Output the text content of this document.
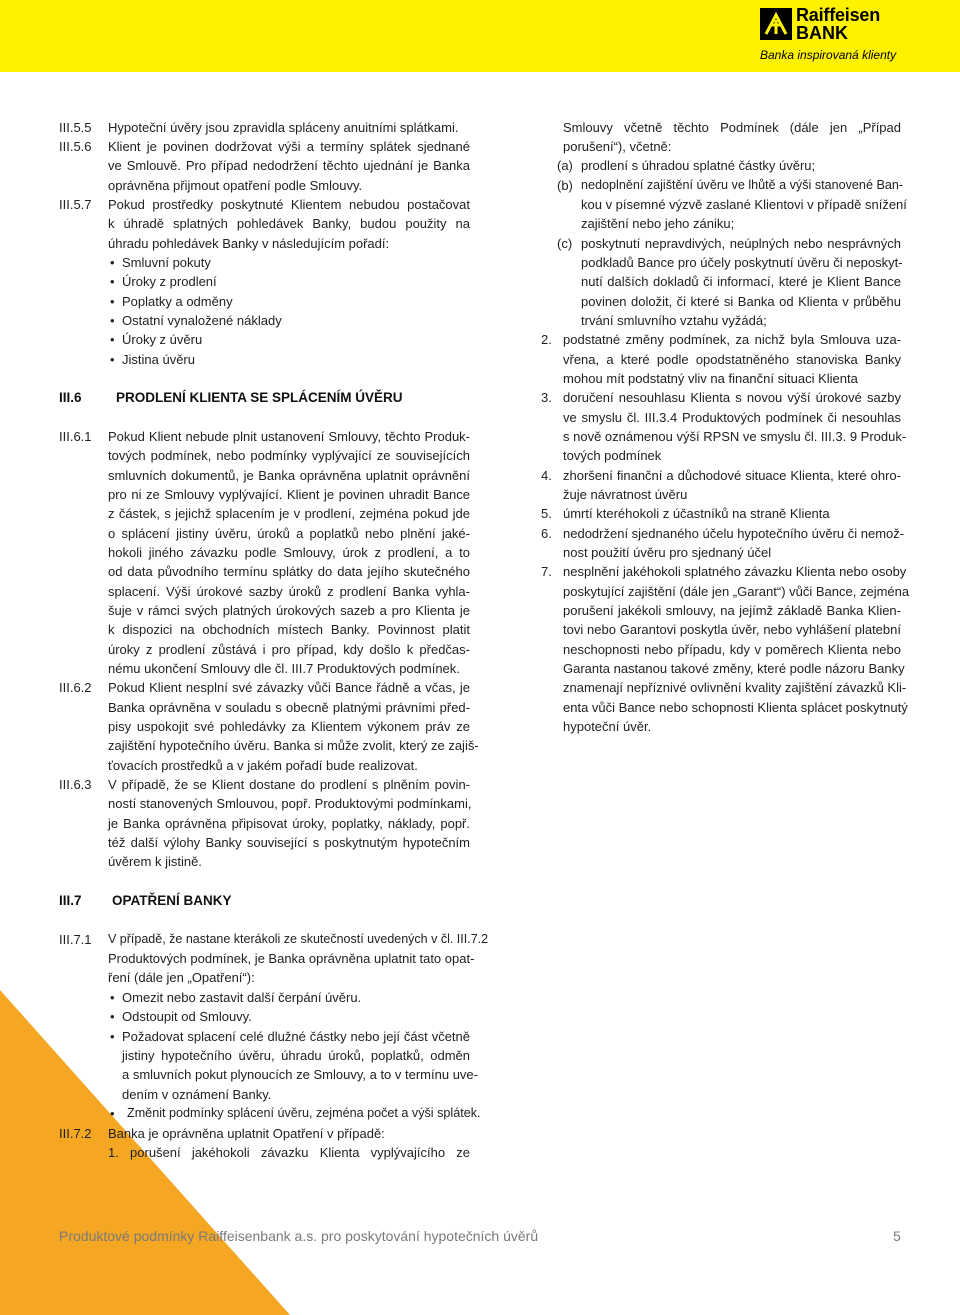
Raiffeisen
BANK
Banka inspirovaná klienty
III.5.5 Hypoteční úvěry jsou zpravidla spláceny anuitními splátkami.
III.5.6 Klient je povinen dodržovat výši a termíny splátek sjednané
ve Smlouvě. Pro případ nedodržení těchto ujednání je Banka
oprávněna přijmout opatření podle Smlouvy.
III.5.7 Pokud prostředky poskytnuté Klientem nebudou postačovat
k úhradě splatných pohledávek Banky, budou použity na
úhradu pohledávek Banky v následujícím pořadí:
• Smluvní pokuty
• Úroky z prodlení
• Poplatky a odměny
• Ostatní vynaložené náklady
• Úroky z úvěru
• Jistina úvěru
III.6	PRODLENÍ KLIENTA SE SPLÁCENÍM ÚVĚRU
III.6.1 Pokud Klient nebude plnit ustanovení Smlouvy, těchto Produk-
tových podmínek, nebo podmínky vyplývající ze souvisejících
smluvních dokumentů, je Banka oprávněna uplatnit oprávnění
pro ni ze Smlouvy vyplývající. Klient je povinen uhradit Bance
z částek, s jejichž splacením je v prodlení, zejména pokud jde
o splácení jistiny úvěru, úroků a poplatků nebo plnění jaké-
hokoli jiného závazku podle Smlouvy, úrok z prodlení, a to
od data původního termínu splátky do data jejího skutečného
splacení. Výši úrokové sazby úroků z prodlení Banka vyhla-
šuje v rámci svých platných úrokových sazeb a pro Klienta je
k dispozici na obchodních místech Banky. Povinnost platit
úroky z prodlení zůstává i pro případ, kdy došlo k předčas-
nému ukončení Smlouvy dle čl. III.7 Produktových podmínek.
III.6.2 Pokud Klient nesplní své závazky vůči Bance řádně a včas, je
Banka oprávněna v souladu s obecně platnými právními před-
pisy uspokojit své pohledávky za Klientem výkonem práv ze
zajištění hypotečního úvěru. Banka si může zvolit, který ze zajiš-
ťovacích prostředků a v jakém pořadí bude realizovat.
III.6.3 V případě, že se Klient dostane do prodlení s plněním povin-
ností stanovených Smlouvou, popř. Produktovými podmínkami,
je Banka oprávněna připisovat úroky, poplatky, náklady, popř.
též další výlohy Banky související s poskytnutým hypotečním
úvěrem k jistině.
III.7 OPATŘENÍ BANKY
III.7.1 V případě, že nastane kterákoli ze skutečností uvedených v čl. III.7.2
Produktových podmínek, je Banka oprávněna uplatnit tato opat-
ření (dále jen „Opatření“):
• Omezit nebo zastavit další čerpání úvěru.
• Odstoupit od Smlouvy.
• Požadovat splacení celé dlužné částky nebo její část včetně
jistiny hypotečního úvěru, úhradu úroků, poplatků, odměn
a smluvních pokut plynoucích ze Smlouvy, a to v termínu uve-
dením v oznámení Banky.
• Změnit podmínky splácení úvěru, zejména počet a výši splátek.
III.7.2 Banka je oprávněna uplatnit Opatření v případě:
1. porušení jakéhokoli závazku Klienta vyplývajícího ze
Smlouvy včetně těchto Podmínek (dále jen „Případ
porušení“), včetně:
(a) prodlení s úhradou splatné částky úvěru;
(b) nedoplnění zajištění úvěru ve lhůtě a výši stanovené Ban-
kou v písemné výzvě zaslané Klientovi v případě snížení
zajištění nebo jeho zániku;
(c) poskytnutí nepravdivých, neúplných nebo nesprávných
podkladů Bance pro účely poskytnutí úvěru či neposkyt-
nutí dalších dokladů či informací, které je Klient Bance
povinen doložit, či které si Banka od Klienta v průběhu
trvání smluvního vztahu vyžádá;
2. podstatné změny podmínek, za nichž byla Smlouva uza-
vřena, a které podle opodstatněného stanoviska Banky
mohou mít podstatný vliv na finanční situaci Klienta
3. doručení nesouhlasu Klienta s novou výší úrokové sazby
ve smyslu čl. III.3.4 Produktových podmínek či nesouhlas
s nově oznámenou výší RPSN ve smyslu čl. III.3. 9 Produk-
tových podmínek
4. zhoršení finanční a důchodové situace Klienta, které ohro-
žuje návratnost úvěru
5. úmrtí kteréhokoli z účastníků na straně Klienta
6. nedodržení sjednaného účelu hypotečního úvěru či nemož-
nost použití úvěru pro sjednaný účel
7. nesplnění jakéhokoli splatného závazku Klienta nebo osoby
poskytující zajištění (dále jen „Garant“) vůči Bance, zejména
porušení jakékoli smlouvy, na jejímž základě Banka Klien-
tovi nebo Garantovi poskytla úvěr, nebo vyhlášení platební
neschopnosti nebo případu, kdy v poměrech Klienta nebo
Garanta nastanou takové změny, které podle názoru Banky
znamenají nepříznivé ovlivnění kvality zajištění závazků Kli-
enta vůči Bance nebo schopnosti Klienta splácet poskytnutý
hypoteční úvěr.
Produktové podmínky Raiffeisenbank a.s. pro poskytování hypotečních úvěrů	5
